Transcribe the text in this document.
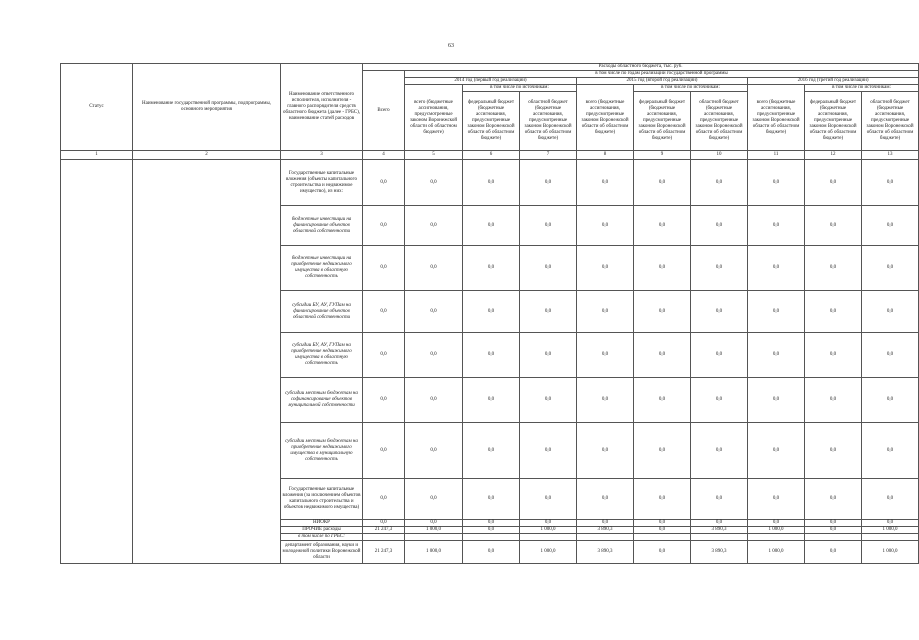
63
Статус	Наименование государственной программы, подпрограммы, основного мероприятия	Наименование ответственного исполнителя, исполнителя - главного распорядителя средств областного бюджета (далее - ГРБС), наименование статей расходов	Расходы областного бюджета, тыс. руб.									
			Всего	в том числе по годам реализации государственной программы								
				2014 год (первый год реализации)			2015 год (второй год реализации)			2016 год (третий год реализации)		
				всего (бюджетные ассигнования, предусмотренные законом Воронежской области об областном бюджете)	в том числе по источникам:		всего (бюджетные ассигнования, предусмотренные законом Воронежской области об областном бюджете)	в том числе по источникам:		всего (бюджетные ассигнования, предусмотренные законом Воронежской области об областном бюджете)	в том числе по источникам:	
					федеральный бюджет (бюджетные ассигнования, предусмотренные законом Воронежской области об областном бюджете)	областной бюджет (бюджетные ассигнования, предусмотренные законом Воронежской области об областном бюджете)		федеральный бюджет (бюджетные ассигнования, предусмотренные законом Воронежской области об областном бюджете)	областной бюджет (бюджетные ассигнования, предусмотренные законом Воронежской области об областном бюджете)		федеральный бюджет (бюджетные ассигнования, предусмотренные законом Воронежской области об областном бюджете)	областной бюджет (бюджетные ассигнования, предусмотренные законом Воронежской области об областном бюджете)
1	2	3	4	5	6	7	8	9	10	11	12	13
		Государственные капитальные вложения (объекты капитального строительства и недвижимое имущество), из них:	0,0	0,0	0,0	0,0	0,0	0,0	0,0	0,0	0,0	0,0
		бюджетные инвестиции на финансирование объектов областной собственности	0,0	0,0	0,0	0,0	0,0	0,0	0,0	0,0	0,0	0,0
		бюджетные инвестиции на приобретение недвижимого имущества в областную собственность	0,0	0,0	0,0	0,0	0,0	0,0	0,0	0,0	0,0	0,0
		субсидии БУ, АУ, ГУПам на финансирование объектов областной собственности	0,0	0,0	0,0	0,0	0,0	0,0	0,0	0,0	0,0	0,0
		субсидии БУ, АУ, ГУПам на приобретение недвижимого имущества в областную собственность	0,0	0,0	0,0	0,0	0,0	0,0	0,0	0,0	0,0	0,0
		субсидии местным бюджетам на софинансирование объектов муниципальной собственности	0,0	0,0	0,0	0,0	0,0	0,0	0,0	0,0	0,0	0,0
		субсидии местным бюджетам на приобретение недвижимого имущества в муниципальную собственность	0,0	0,0	0,0	0,0	0,0	0,0	0,0	0,0	0,0	0,0
		Государственные капитальные вложения (за исключением объектов капитального строительства и объектов недвижимого имущества)	0,0	0,0	0,0	0,0	0,0	0,0	0,0	0,0	0,0	0,0
		НИОКР	0,0	0,0	0,0	0,0	0,0	0,0	0,0	0,0	0,0	0,0
		ПРОЧИЕ расходы	21 247,3	1 000,0	0,0	1 000,0	3 890,3	0,0	3 890,3	1 000,0	0,0	1 000,0
		в том числе по ГРБС:										
		департамент образования, науки и молодежной политики Воронежской области	21 247,3	1 000,0	0,0	1 000,0	3 890,3	0,0	3 890,3	1 000,0	0,0	1 000,0
